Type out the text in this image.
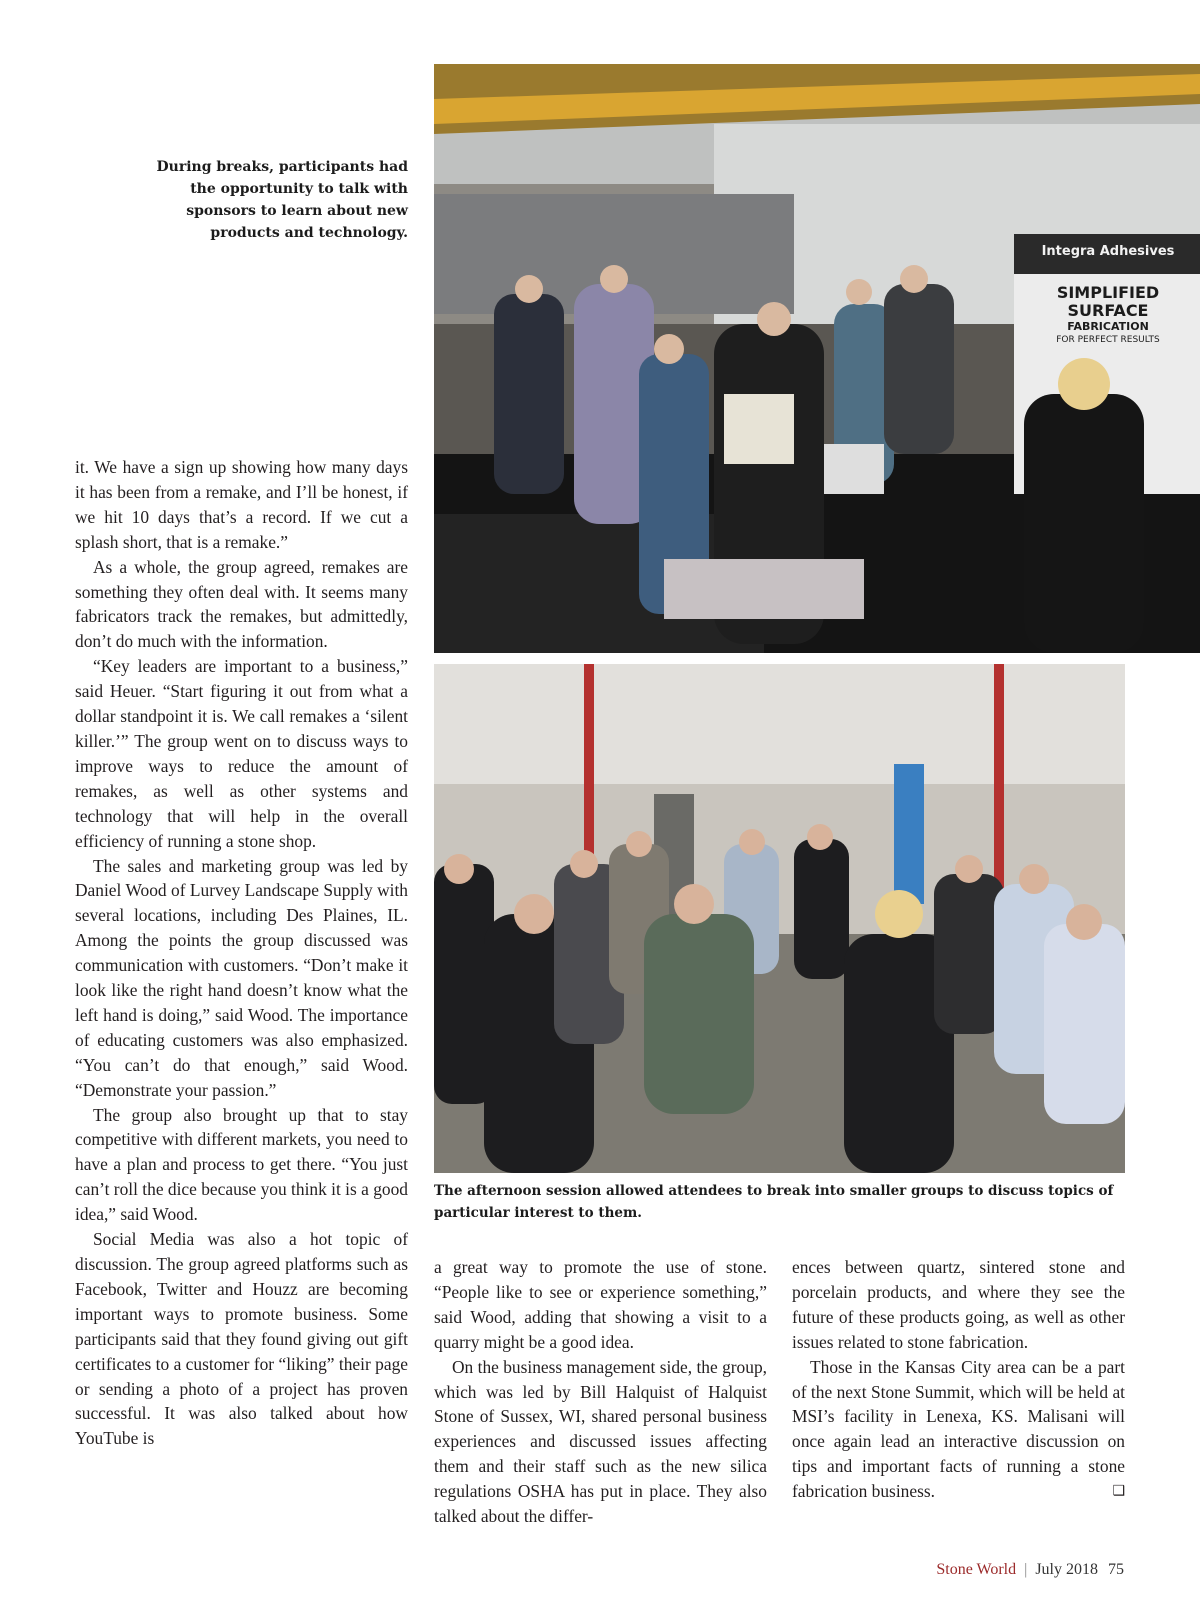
During breaks, participants had the opportunity to talk with sponsors to learn about new products and technology.
Integra Adhesives
SIMPLIFIED SURFACE
FABRICATION
FOR PERFECT RESULTS
The afternoon session allowed attendees to break into smaller groups to discuss topics of particular interest to them.

it. We have a sign up showing how many days it has been from a remake, and I’ll be honest, if we hit 10 days that’s a record. If we cut a splash short, that is a remake.”

As a whole, the group agreed, remakes are something they often deal with. It seems many fabricators track the remakes, but admittedly, don’t do much with the information.

“Key leaders are important to a business,” said Heuer. “Start figuring it out from what a dollar standpoint it is. We call remakes a ‘silent killer.’” The group went on to discuss ways to improve ways to reduce the amount of remakes, as well as other systems and technology that will help in the overall efficiency of running a stone shop.

The sales and marketing group was led by Daniel Wood of Lurvey Landscape Supply with several locations, including Des Plaines, IL. Among the points the group discussed was communication with customers. “Don’t make it look like the right hand doesn’t know what the left hand is doing,” said Wood. The importance of educating customers was also emphasized. “You can’t do that enough,” said Wood. “Demonstrate your passion.”

The group also brought up that to stay competitive with different markets, you need to have a plan and process to get there. “You just can’t roll the dice because you think it is a good idea,” said Wood.

Social Media was also a hot topic of discussion. The group agreed platforms such as Facebook, Twitter and Houzz are becoming important ways to promote business. Some participants said that they found giving out gift certificates to a customer for “liking” their page or sending a photo of a project has proven successful. It was also talked about how YouTube is

a great way to promote the use of stone. “People like to see or experience something,” said Wood, adding that showing a visit to a quarry might be a good idea.

On the business management side, the group, which was led by Bill Halquist of Halquist Stone of Sussex, WI, shared personal business experiences and discussed issues affecting them and their staff such as the new silica regulations OSHA has put in place. They also talked about the differ-

ences between quartz, sintered stone and porcelain products, and where they see the future of these products going, as well as other issues related to stone fabrication.

Those in the Kansas City area can be a part of the next Stone Summit, which will be held at MSI’s facility in Lenexa, KS. Malisani will once again lead an interactive discussion on tips and important facts of running a stone fabrication business.	❑

Stone World | July 2018 75
